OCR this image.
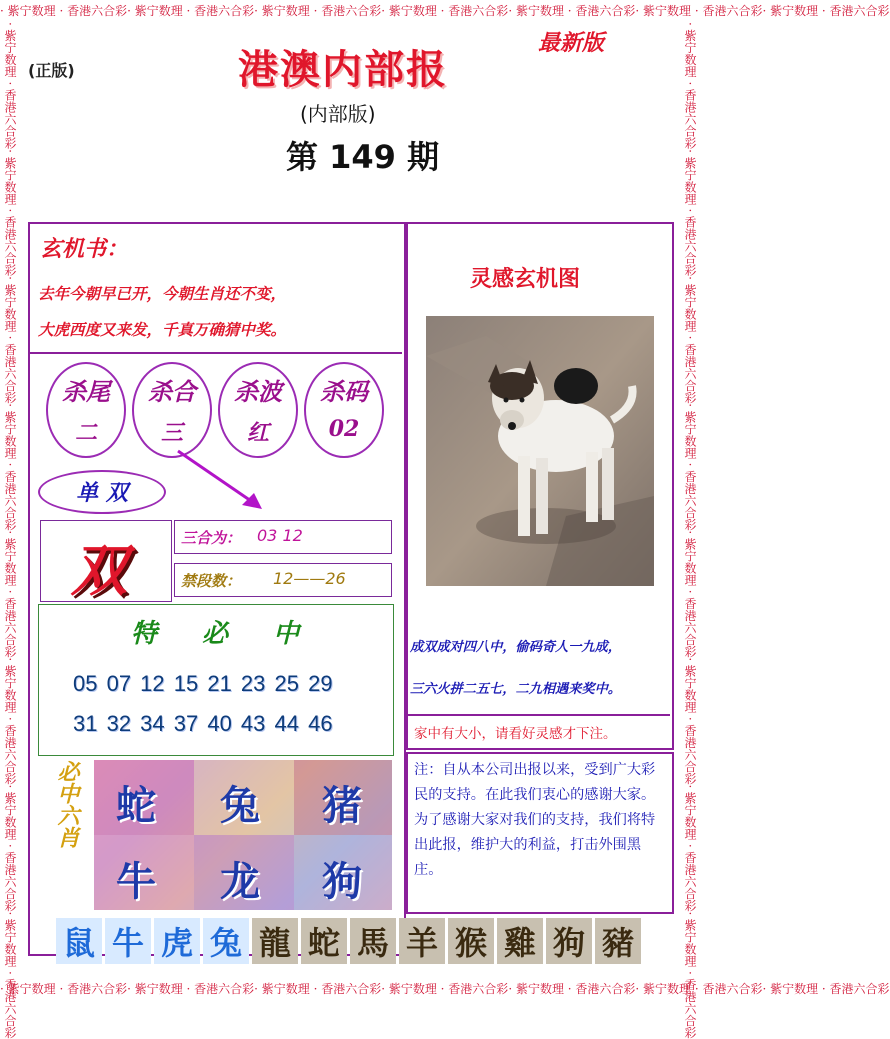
· 紫宁数理 · 香港六合彩· 紫宁数理 · 香港六合彩· 紫宁数理 · 香港六合彩· 紫宁数理 · 香港六合彩· 紫宁数理 · 香港六合彩· 紫宁数理 · 香港六合彩· 紫宁数理 · 香港六合彩
· 紫宁数理 · 香港六合彩· 紫宁数理 · 香港六合彩· 紫宁数理 · 香港六合彩· 紫宁数理 · 香港六合彩· 紫宁数理 · 香港六合彩· 紫宁数理 · 香港六合彩· 紫宁数理 · 香港六合彩
· 紫宁数理 · 香港六合彩· 紫宁数理 · 香港六合彩· 紫宁数理 · 香港六合彩· 紫宁数理 · 香港六合彩· 紫宁数理 · 香港六合彩· 紫宁数理 · 香港六合彩· 紫宁数理 · 香港六合彩· 紫宁数理 · 香港六合彩
· 紫宁数理 · 香港六合彩· 紫宁数理 · 香港六合彩· 紫宁数理 · 香港六合彩· 紫宁数理 · 香港六合彩· 紫宁数理 · 香港六合彩· 紫宁数理 · 香港六合彩· 紫宁数理 · 香港六合彩· 紫宁数理 · 香港六合彩
(正版)
最新版
港澳内部报
(内部版)
第 149 期
玄机书：
去年今朝早已开，今朝生肖还不变，
大虎西度又来发，千真万确猜中奖。
杀尾
二
杀合
三
杀波
红
杀码
02
单 双
双	三合为： 03 12
禁段数： 12——26
特 必 中
05 07 12 15 21 23 25 29
31 32 34 37 40 43 44 46
必中六肖 蛇 兔 猪
牛 龙 狗
灵感玄机图
成双成对四八中，偷码奇人一九成，
三六火拼二五七，二九相遇来奖中。
家中有大小，请看好灵感才下注。
注：自从本公司出报以来，受到广大彩民的支持。在此我们衷心的感谢大家。为了感谢大家对我们的支持，我们将特出此报，维护大的利益，打击外围黑庄。
鼠 牛 虎 兔 龍 蛇 馬 羊 猴 雞 狗 豬
